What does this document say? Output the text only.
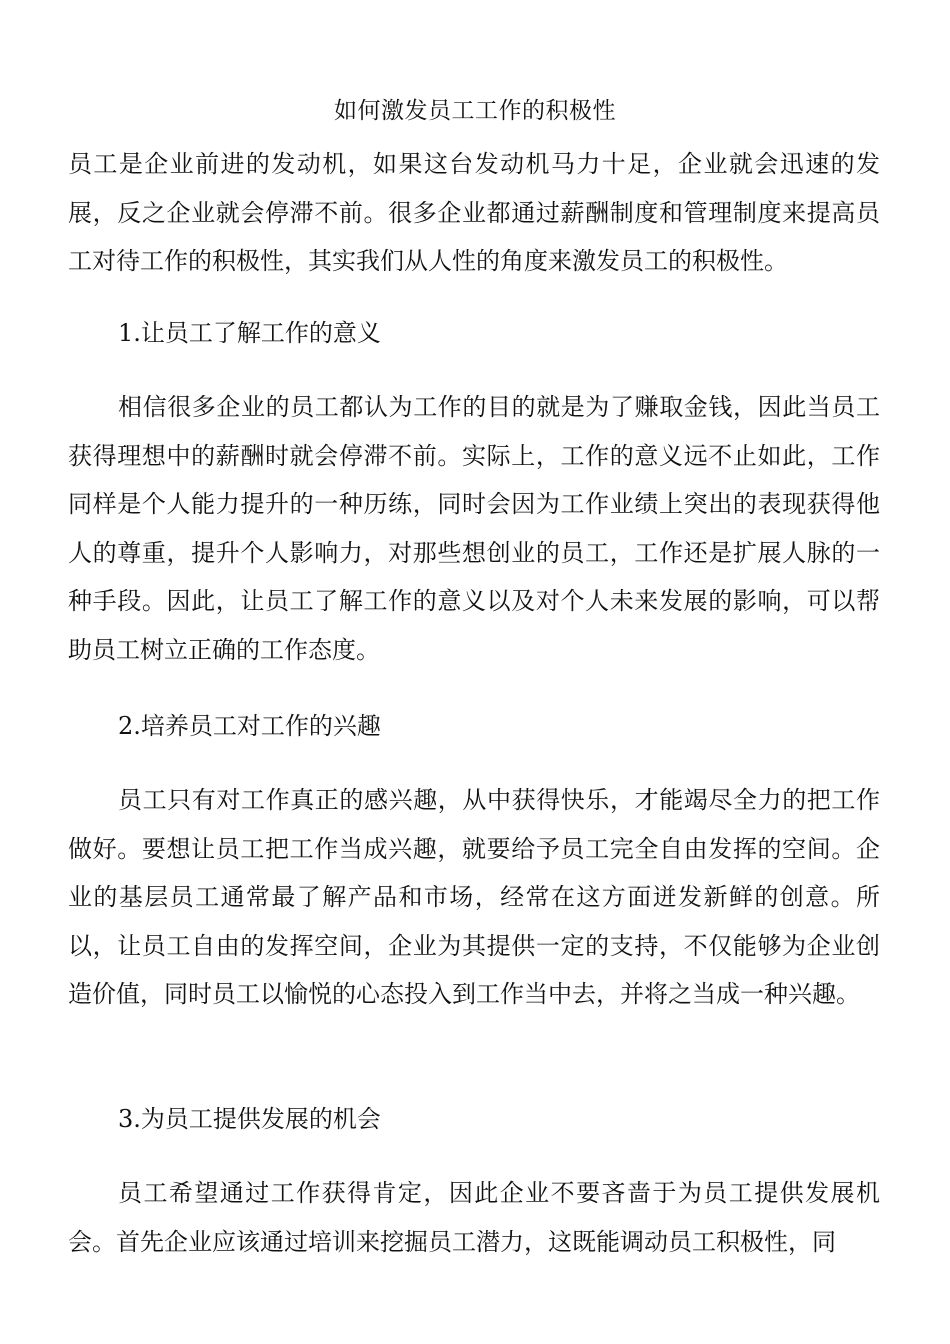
如何激发员工工作的积极性

员工是企业前进的发动机，如果这台发动机马力十足，企业就会迅速的发展，反之企业就会停滞不前。很多企业都通过薪酬制度和管理制度来提高员工对待工作的积极性，其实我们从人性的角度来激发员工的积极性。

1.让员工了解工作的意义

相信很多企业的员工都认为工作的目的就是为了赚取金钱，因此当员工获得理想中的薪酬时就会停滞不前。实际上，工作的意义远不止如此，工作同样是个人能力提升的一种历练，同时会因为工作业绩上突出的表现获得他人的尊重，提升个人影响力，对那些想创业的员工，工作还是扩展人脉的一种手段。因此，让员工了解工作的意义以及对个人未来发展的影响，可以帮助员工树立正确的工作态度。

2.培养员工对工作的兴趣

员工只有对工作真正的感兴趣，从中获得快乐，才能竭尽全力的把工作做好。要想让员工把工作当成兴趣，就要给予员工完全自由发挥的空间。企业的基层员工通常最了解产品和市场，经常在这方面迸发新鲜的创意。所以，让员工自由的发挥空间，企业为其提供一定的支持，不仅能够为企业创造价值，同时员工以愉悦的心态投入到工作当中去，并将之当成一种兴趣。

3.为员工提供发展的机会

员工希望通过工作获得肯定，因此企业不要吝啬于为员工提供发展机会。首先企业应该通过培训来挖掘员工潜力，这既能调动员工积极性，同
